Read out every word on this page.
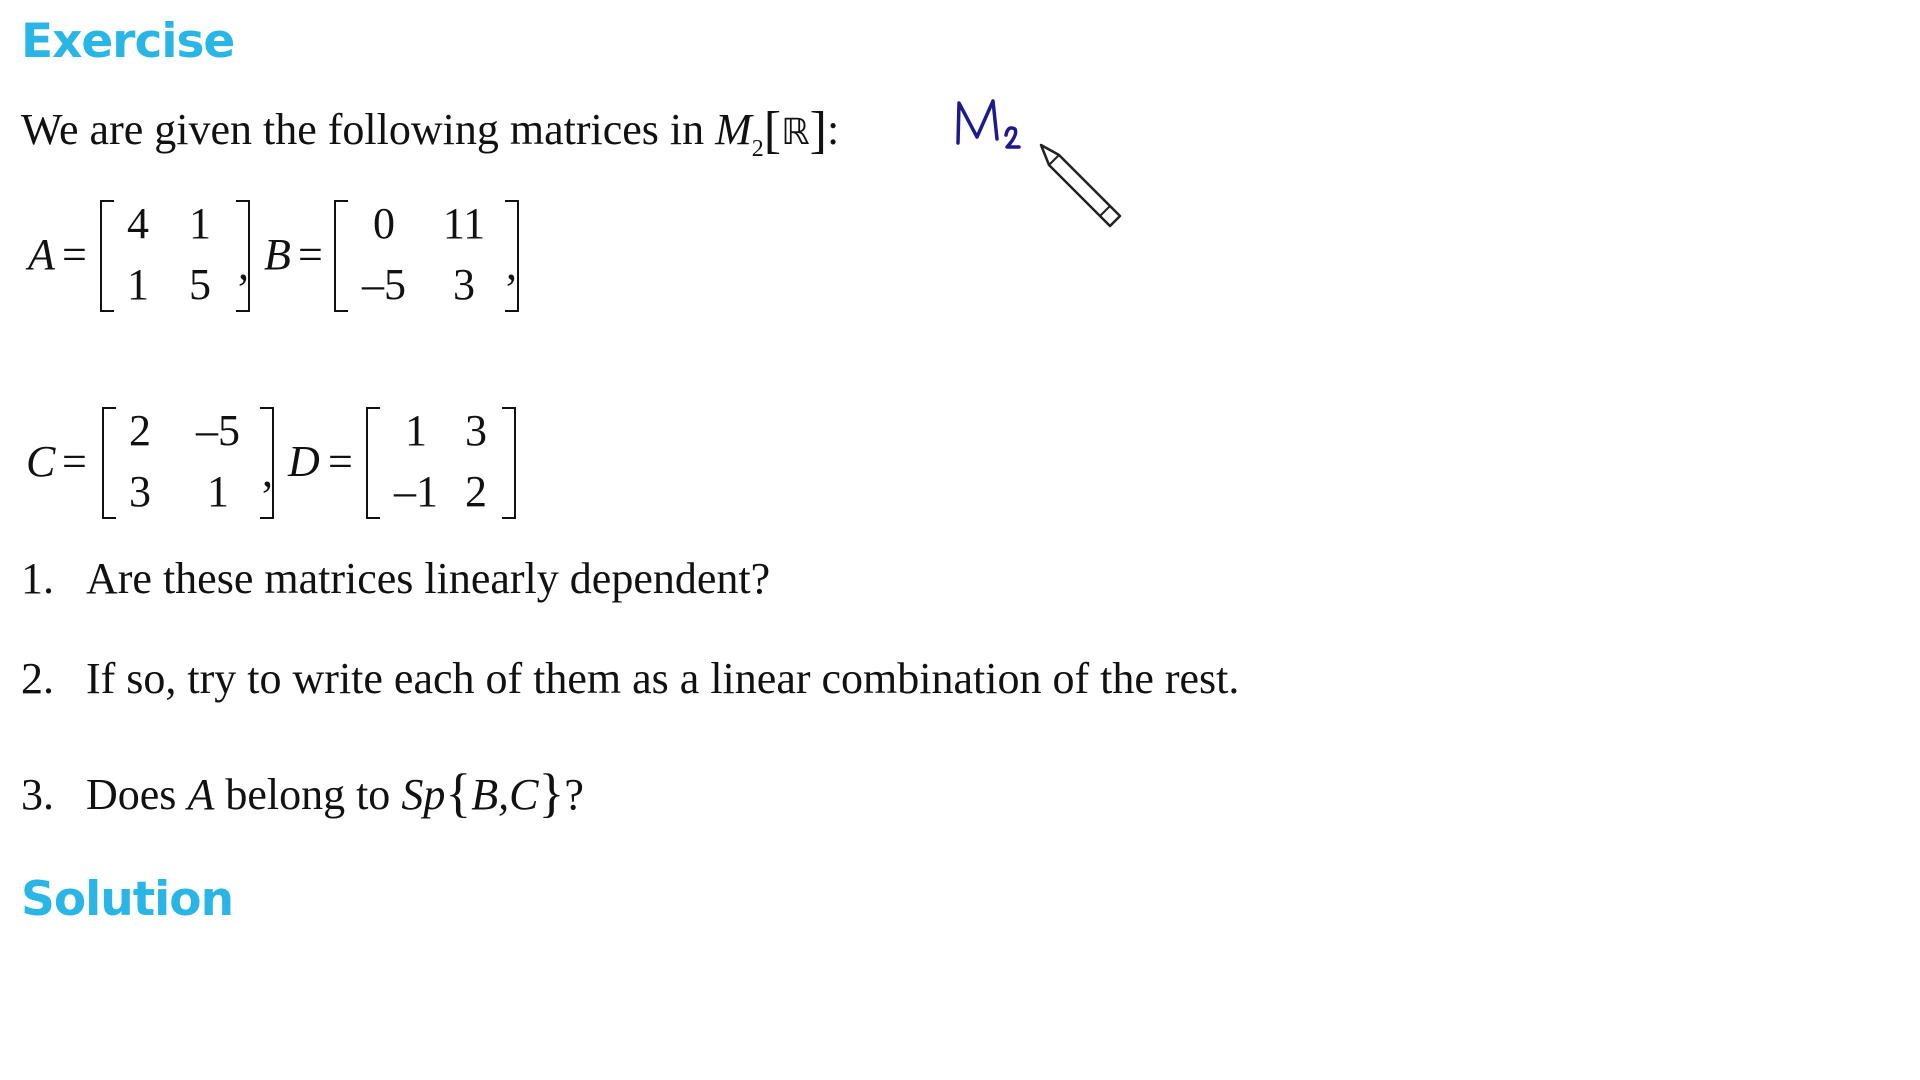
Exercise
We are given the following matrices in $M_2[ℝ]$:
A =
4 1
1 5 , B =
0	11
–5	3 ,
C =
2	–5
3	1 , D =
1 3
–1 2
1. Are these matrices linearly dependent?
2. If so, try to write each of them as a linear combination of the rest.
3. Does A belong to Sp{B,C}?
Solution
